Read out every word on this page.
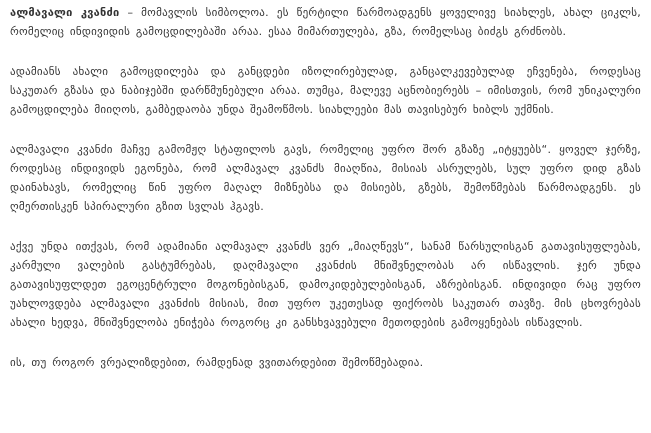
ალმავალი კვანძი – მომავლის სიმბოლოა. ეს წერტილი წარმოადგენს ყოველივე სიახლეს, ახალ ციკლს, რომელიც ინდივიდის გამოცდილებაში არაა. ესაა მიმართულება, გზა, რომელსაც ბიძგს გრძნობს.

ადამიანს ახალი გამოცდილება და განცდები იზოლირებულად, განცალკევებულად ეჩვენება, როდესაც საკუთარ გზასა და ნაბიჯებში დარწმუნებული არაა. თუმცა, მალევე აცნობიერებს – იმისთვის, რომ უნიკალური გამოცდილება მიიღოს, გამბედაობა უნდა შეამოწმოს. სიახლეები მას თავისებურ ხიბლს უქმნის.

ალმავალი კვანძი მაჩვე გამომჟღ სტაფილოს გავს, რომელიც უფრო შორ გზაზე „იტყუებს“. ყოველ ჯერზე, როდესაც ინდივიდს ეგონება, რომ ალმავალ კვანძს მიაღწია, მისიას ასრულებს, სულ უფრო დიდ გზას დაინახავს, რომელიც წინ უფრო მაღალ მიზნებსა და მისიებს, გზებს, შემოწმებას წარმოადგენს. ეს ღმერთისკენ სპირალური გზით სვლას ჰგავს.

აქვე უნდა ითქვას, რომ ადამიანი ალმავალ კვანძს ვერ „მიაღწევს“, სანამ წარსულისგან გათავისუფლებას, კარმული ვალების გასტუმრებას, დაღმავალი კვანძის მნიშვნელობას არ ისწავლის. ჯერ უნდა გათავისუფლდეთ ეგოცენტრული მოგონებისგან, დამოკიდებულებისგან, აზრებისგან. ინდივიდი რაც უფრო უახლოვდება ალმავალი კვანძის მისიას, მით უფრო უკეთესად ფიქრობს საკუთარ თავზე. მის ცხოვრებას ახალი ხედვა, მნიშვნელობა ენიჭება როგორც კი განსხვავებული მეთოდების გამოყენებას ისწავლის.

ის, თუ როგორ ვრეალიზდებით, რამდენად ვვითარდებით შემოწმებადია.
